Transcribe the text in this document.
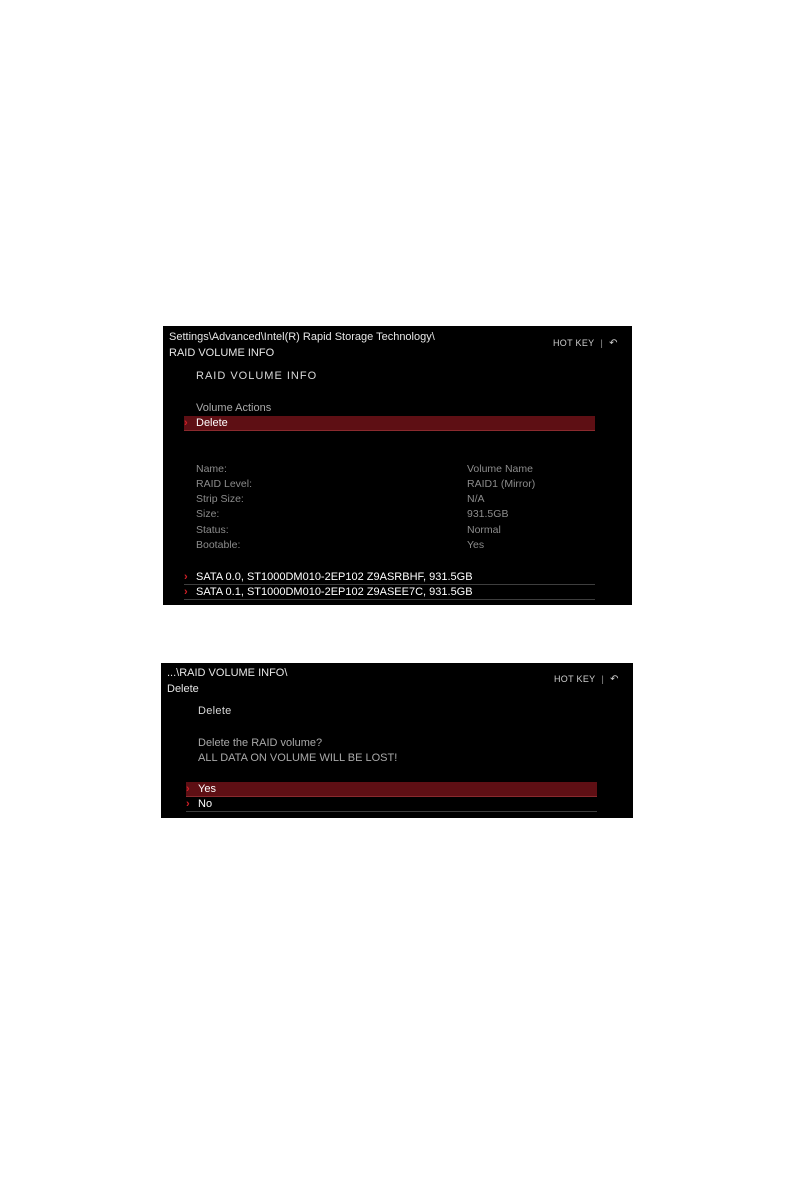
Settings\Advanced\Intel(R) Rapid Storage Technology\
RAID VOLUME INFO
HOT KEY | ↶
RAID VOLUME INFO
Volume Actions
› Delete
Name:	Volume Name
RAID Level:	RAID1 (Mirror)
Strip Size:	N/A
Size:	931.5GB
Status:	Normal
Bootable:	Yes
› SATA 0.0, ST1000DM010-2EP102 Z9ASRBHF, 931.5GB
› SATA 0.1, ST1000DM010-2EP102 Z9ASEE7C, 931.5GB
...\RAID VOLUME INFO\
Delete
HOT KEY | ↶
Delete
Delete the RAID volume?
ALL DATA ON VOLUME WILL BE LOST!
› Yes
› No
